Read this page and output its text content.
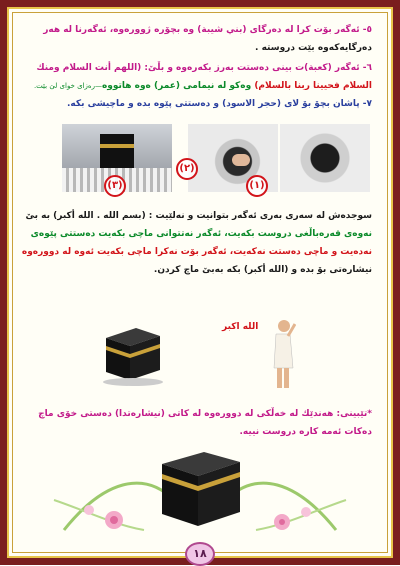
٥- ئەگەر بۆت كرا لە دەرگای (بني شيبة) وە بچۆرە ژوورەوە، ئەگەرنا لە هەر
دەرگایەكەوە بێت دروستە .
٦- ئەگەر (كعبة)ت بینی دەستت بەرز بكەرەوە و بڵێ: (اللهم أنت السلام ومنك
السلام فحيينا ربنا بالسلام) وەكو لە نيمامى (عمر) ەوە هاتووە—رەزای خوای لێ بێت.
٧- پاشان بچۆ بۆ لای (حجر الاسود) و دەستتی پێوە بدە و ماچیشی بكە.
(٣)
(٢)
(١)
سوجدەش لە سەری بەری ئەگەر بتوانیت و نەلێیت : (بسم الله . الله أكبر) بە بێ
نەوەی قەرەباڵغی دروست بكەیت، ئەگەر نەتتوانی ماچی بكەیت دەستتی پێوەی
نەدەیت و ماچی دەستت نەكەیت، ئەگەر بۆت نەكرا ماچی بكەیت ئەوە لە دوورەوە
نیشارەتی بۆ بدە و (الله أكبر) بكە بەبێ ماچ كردن.
الله اكبر
*تێبینی: هەندێك لە خەڵكی لە دوورەوە لە كاتی (نیشارەتدا) دەستی خۆی ماچ
دەكات ئەمە كارە دروست نییە.
١٨
